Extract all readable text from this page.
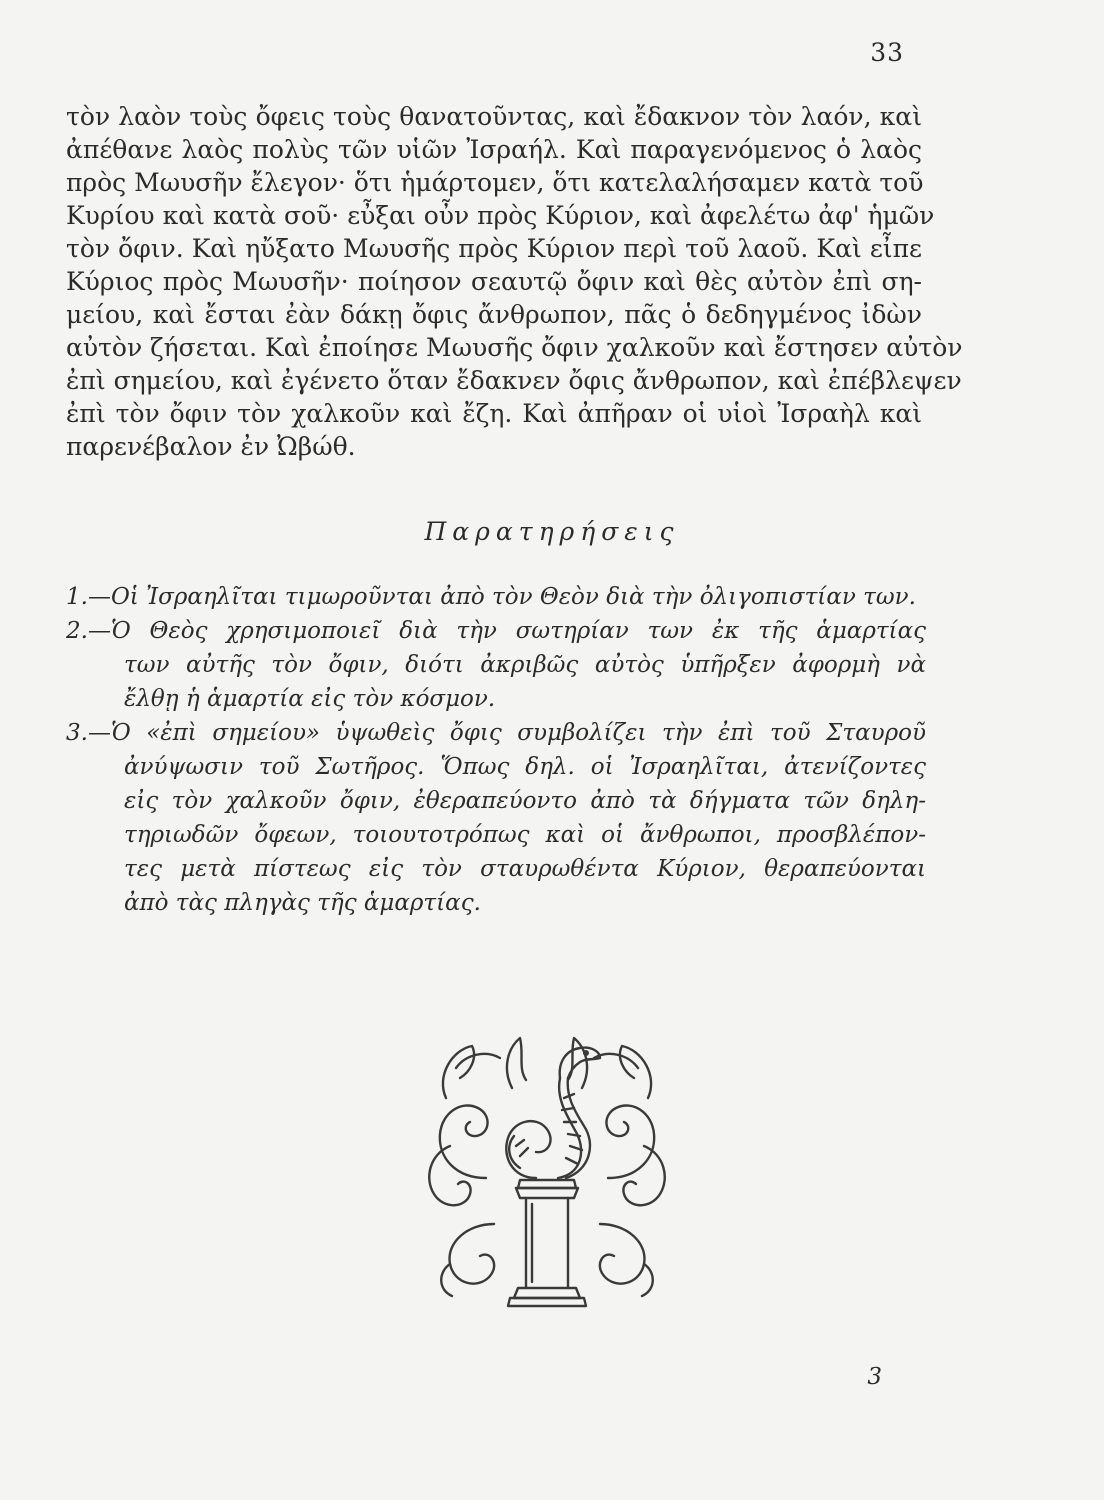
33
τὸν λαὸν τοὺς ὄφεις τοὺς θανατοῦντας, καὶ ἔδακνον τὸν λαόν, καὶ
ἀπέθανε λαὸς πολὺς τῶν υἱῶν Ἰσραήλ. Καὶ παραγενόμενος ὁ λαὸς
πρὸς Μωυσῆν ἔλεγον· ὅτι ἡμάρτομεν, ὅτι κατελαλήσαμεν κατὰ τοῦ
Κυρίου καὶ κατὰ σοῦ· εὖξαι οὖν πρὸς Κύριον, καὶ ἀφελέτω ἀφ' ἡμῶν
τὸν ὄφιν. Καὶ ηὔξατο Μωυσῆς πρὸς Κύριον περὶ τοῦ λαοῦ. Καὶ εἶπε
Κύριος πρὸς Μωυσῆν· ποίησον σεαυτῷ ὄφιν καὶ θὲς αὐτὸν ἐπὶ ση-
μείου, καὶ ἔσται ἐὰν δάκῃ ὄφις ἄνθρωπον, πᾶς ὁ δεδηγμένος ἰδὼν
αὐτὸν ζήσεται. Καὶ ἐποίησε Μωυσῆς ὄφιν χαλκοῦν καὶ ἔστησεν αὐτὸν
ἐπὶ σημείου, καὶ ἐγένετο ὅταν ἔδακνεν ὄφις ἄνθρωπον, καὶ ἐπέβλεψεν
ἐπὶ τὸν ὄφιν τὸν χαλκοῦν καὶ ἔζη. Καὶ ἀπῆραν οἱ υἱοὶ Ἰσραὴλ καὶ
παρενέβαλον ἐν Ὠβώθ.
Παρατηρήσεις
1.—Οἱ Ἰσραηλῖται τιμωροῦνται ἀπὸ τὸν Θεὸν διὰ τὴν ὀλιγοπιστίαν των.
2.—Ὁ Θεὸς χρησιμοποιεῖ διὰ τὴν σωτηρίαν των ἐκ τῆς ἁμαρτίας
των αὐτῆς τὸν ὄφιν, διότι ἀκριβῶς αὐτὸς ὑπῆρξεν ἀφορμὴ νὰ
ἔλθῃ ἡ ἁμαρτία εἰς τὸν κόσμον.
3.—Ὁ «ἐπὶ σημείου» ὑψωθεὶς ὄφις συμβολίζει τὴν ἐπὶ τοῦ Σταυροῦ
ἀνύψωσιν τοῦ Σωτῆρος. Ὅπως δηλ. οἱ Ἰσραηλῖται, ἀτενίζοντες
εἰς τὸν χαλκοῦν ὄφιν, ἐθεραπεύοντο ἀπὸ τὰ δήγματα τῶν δηλη-
τηριωδῶν ὄφεων, τοιουτοτρόπως καὶ οἱ ἄνθρωποι, προσβλέπον-
τες μετὰ πίστεως εἰς τὸν σταυρωθέντα Κύριον, θεραπεύονται
ἀπὸ τὰς πληγὰς τῆς ἁμαρτίας.
3
